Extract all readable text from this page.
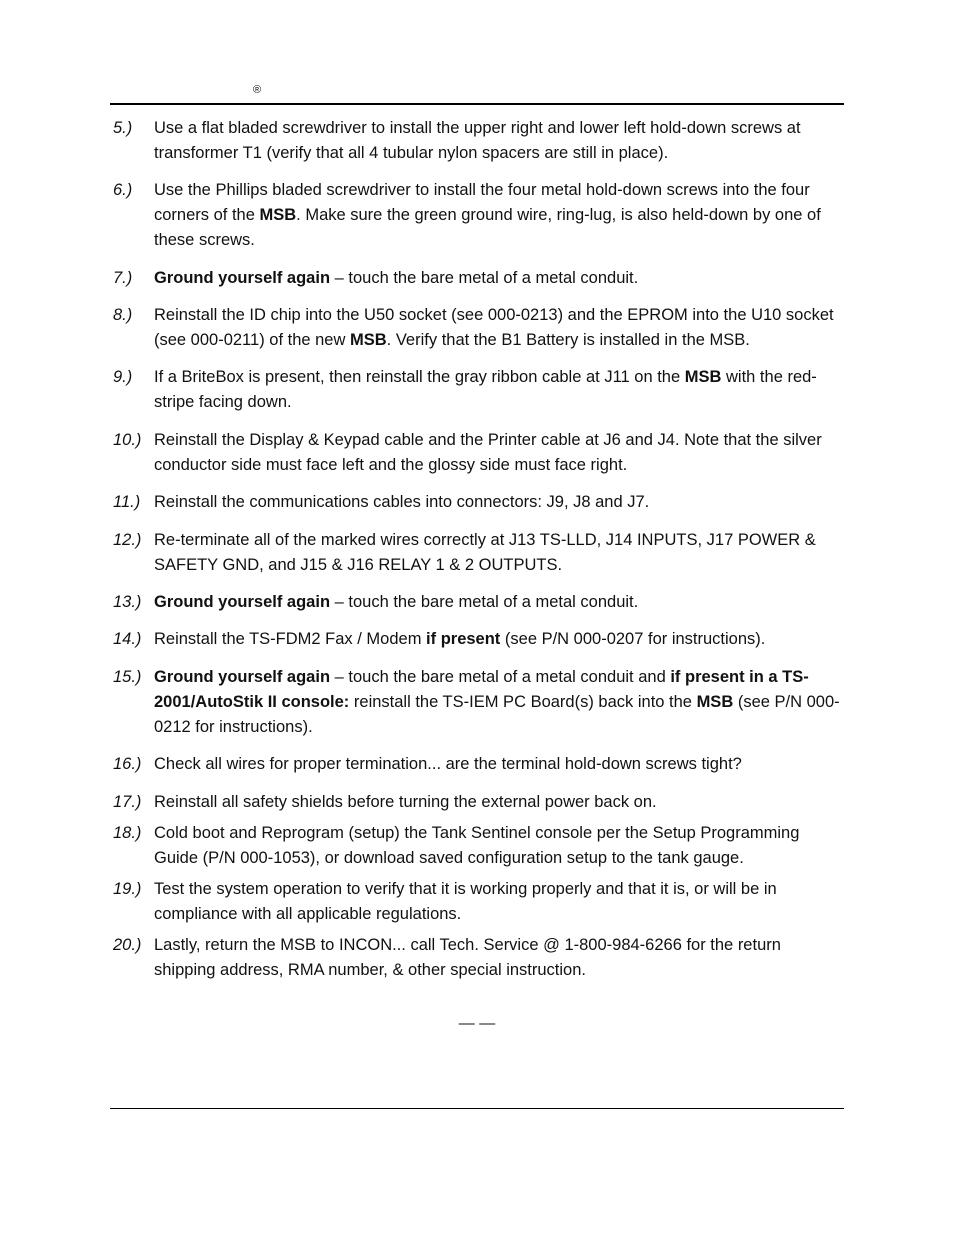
®
5.) Use a flat bladed screwdriver to install the upper right and lower left hold-down screws at transformer T1 (verify that all 4 tubular nylon spacers are still in place).
6.) Use the Phillips bladed screwdriver to install the four metal hold-down screws into the four corners of the MSB. Make sure the green ground wire, ring-lug, is also held-down by one of these screws.
7.) Ground yourself again – touch the bare metal of a metal conduit.
8.) Reinstall the ID chip into the U50 socket (see 000-0213) and the EPROM into the U10 socket (see 000-0211) of the new MSB. Verify that the B1 Battery is installed in the MSB.
9.) If a BriteBox is present, then reinstall the gray ribbon cable at J11 on the MSB with the red-stripe facing down.
10.) Reinstall the Display & Keypad cable and the Printer cable at J6 and J4. Note that the silver conductor side must face left and the glossy side must face right.
11.) Reinstall the communications cables into connectors: J9, J8 and J7.
12.) Re-terminate all of the marked wires correctly at J13 TS-LLD, J14 INPUTS, J17 POWER & SAFETY GND, and J15 & J16 RELAY 1 & 2 OUTPUTS.
13.) Ground yourself again – touch the bare metal of a metal conduit.
14.) Reinstall the TS-FDM2 Fax / Modem if present (see P/N 000-0207 for instructions).
15.) Ground yourself again – touch the bare metal of a metal conduit and if present in a TS-2001/AutoStik II console: reinstall the TS-IEM PC Board(s) back into the MSB (see P/N 000-0212 for instructions).
16.) Check all wires for proper termination... are the terminal hold-down screws tight?
17.) Reinstall all safety shields before turning the external power back on.
18.) Cold boot and Reprogram (setup) the Tank Sentinel console per the Setup Programming Guide (P/N 000-1053), or download saved configuration setup to the tank gauge.
19.) Test the system operation to verify that it is working properly and that it is, or will be in compliance with all applicable regulations.
20.) Lastly, return the MSB to INCON... call Tech. Service @ 1-800-984-6266 for the return shipping address, RMA number, & other special instruction.
— —
